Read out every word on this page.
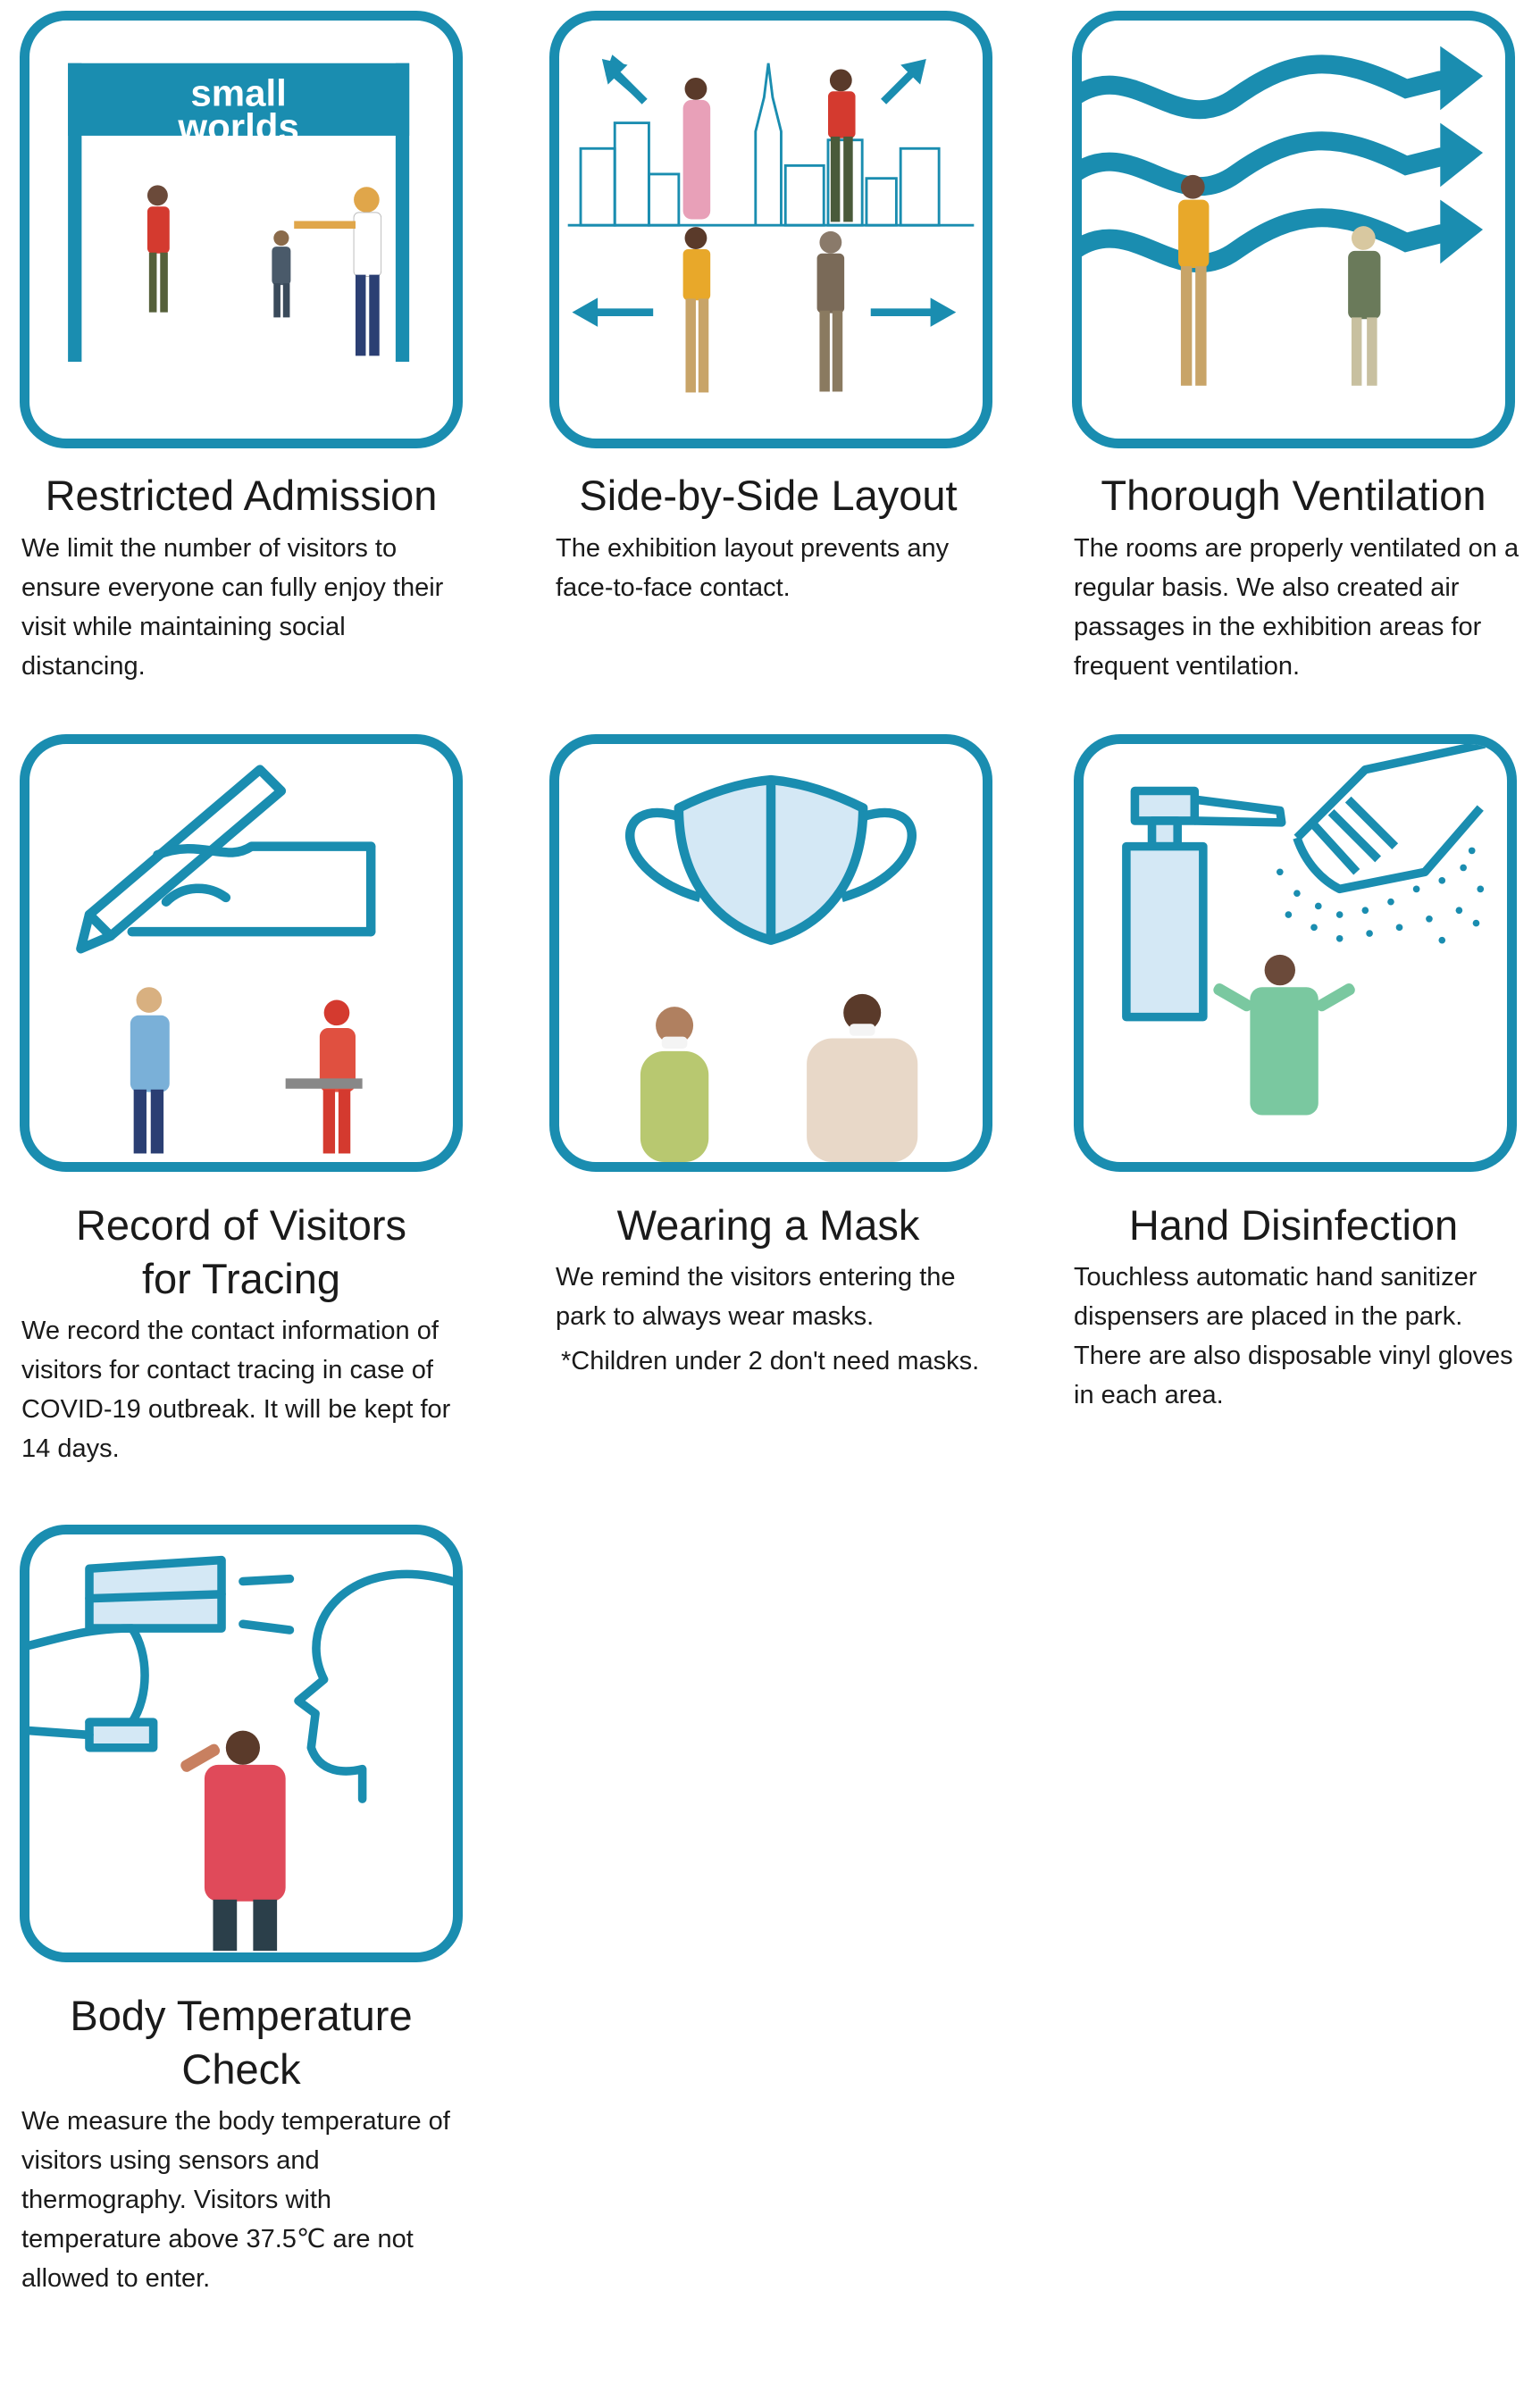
small
worlds
Restricted Admission

We limit the number of visitors to ensure everyone can fully enjoy their visit while maintaining social distancing.

Side-by-Side Layout

The exhibition layout prevents any face-to-face contact.

Thorough Ventilation

The rooms are properly ventilated on a regular basis. We also created air passages in the exhibition areas for frequent ventilation.

Record of Visitors
for Tracing

We record the contact information of visitors for contact tracing in case of COVID-19 outbreak. It will be kept for 14 days.

Wearing a Mask

We remind the visitors entering the park to always wear masks.

*Children under 2 don't need masks.

Hand Disinfection

Touchless automatic hand sanitizer dispensers are placed in the park. There are also disposable vinyl gloves in each area.

Body Temperature
Check

We measure the body temperature of visitors using sensors and thermography. Visitors with temperature above 37.5℃ are not allowed to enter.
